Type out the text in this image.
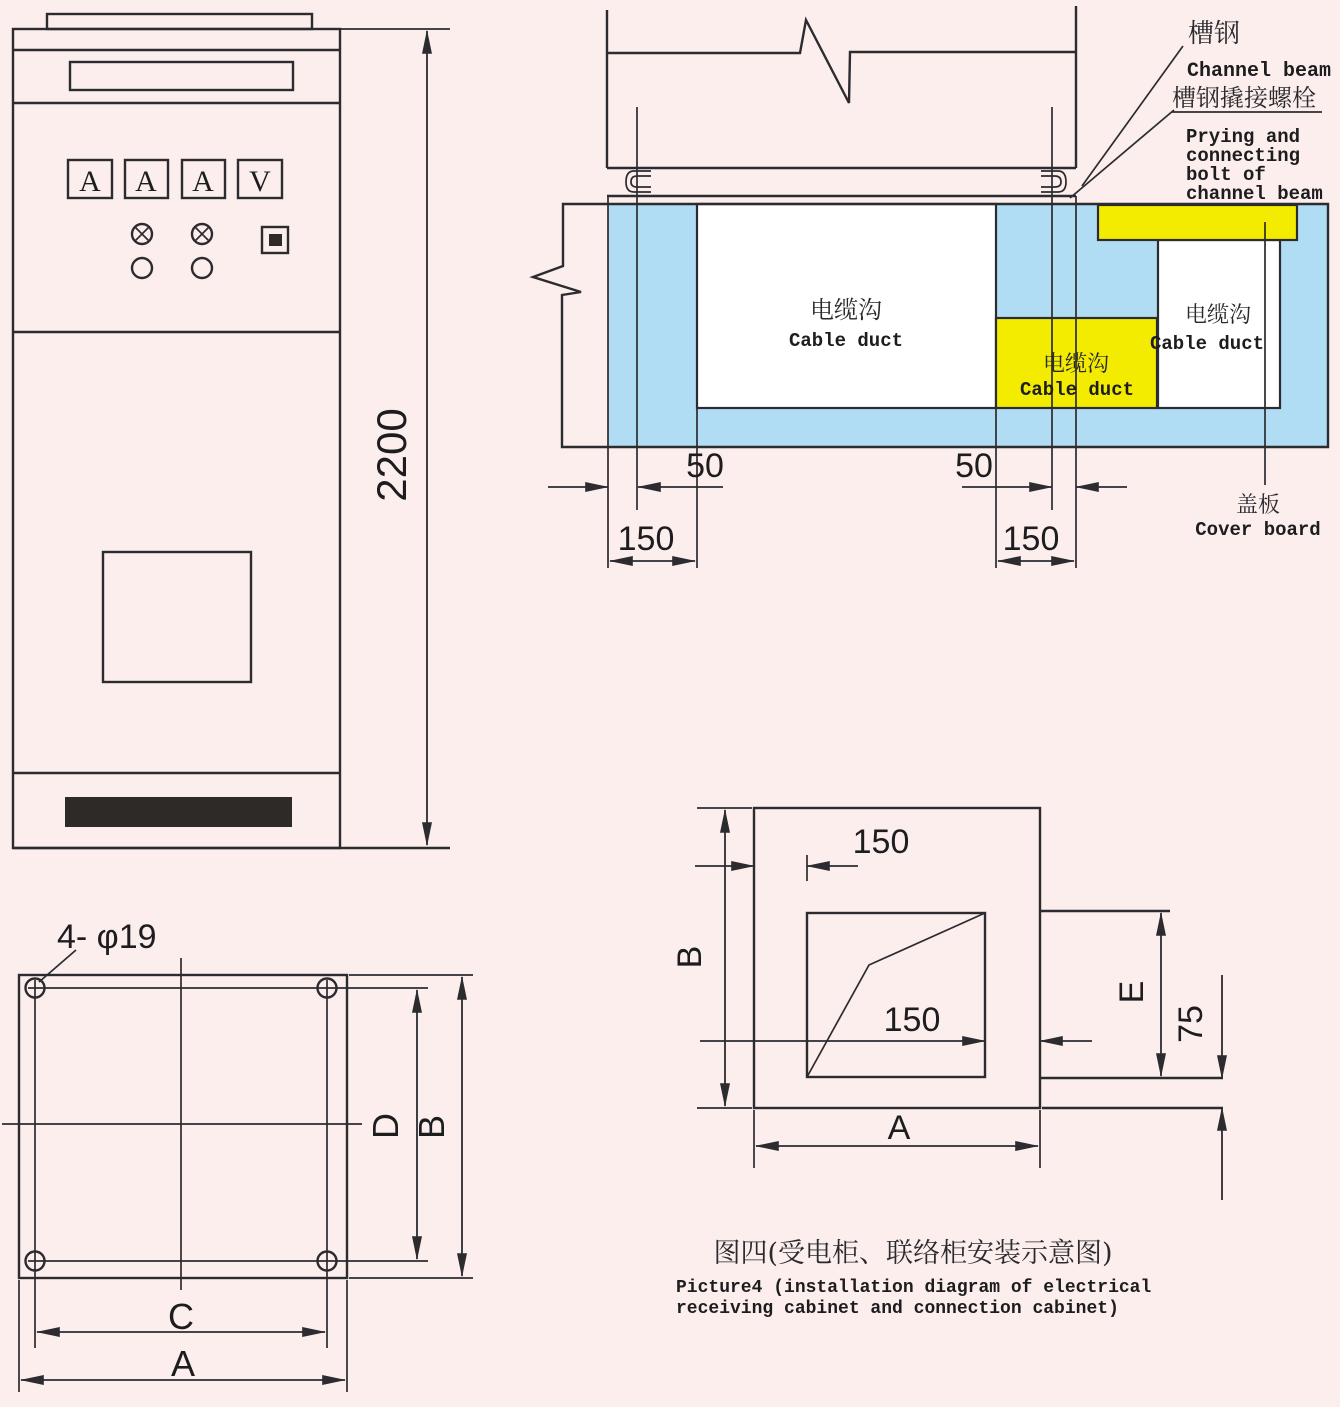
A A A V
2200	50	50
150	150
电缆沟
Cable duct
电缆沟
Cable duct
电缆沟
Cable duct
槽钢
Channel beam
槽钢撬接螺栓
Prying and
connecting
bolt of
channel beam
盖板
Cover board
4- φ19
D B
C
A
150
150
B
E
75
A
图四(受电柜、联络柜安装示意图)
Picture4 (installation diagram of electrical
receiving cabinet and connection cabinet)
